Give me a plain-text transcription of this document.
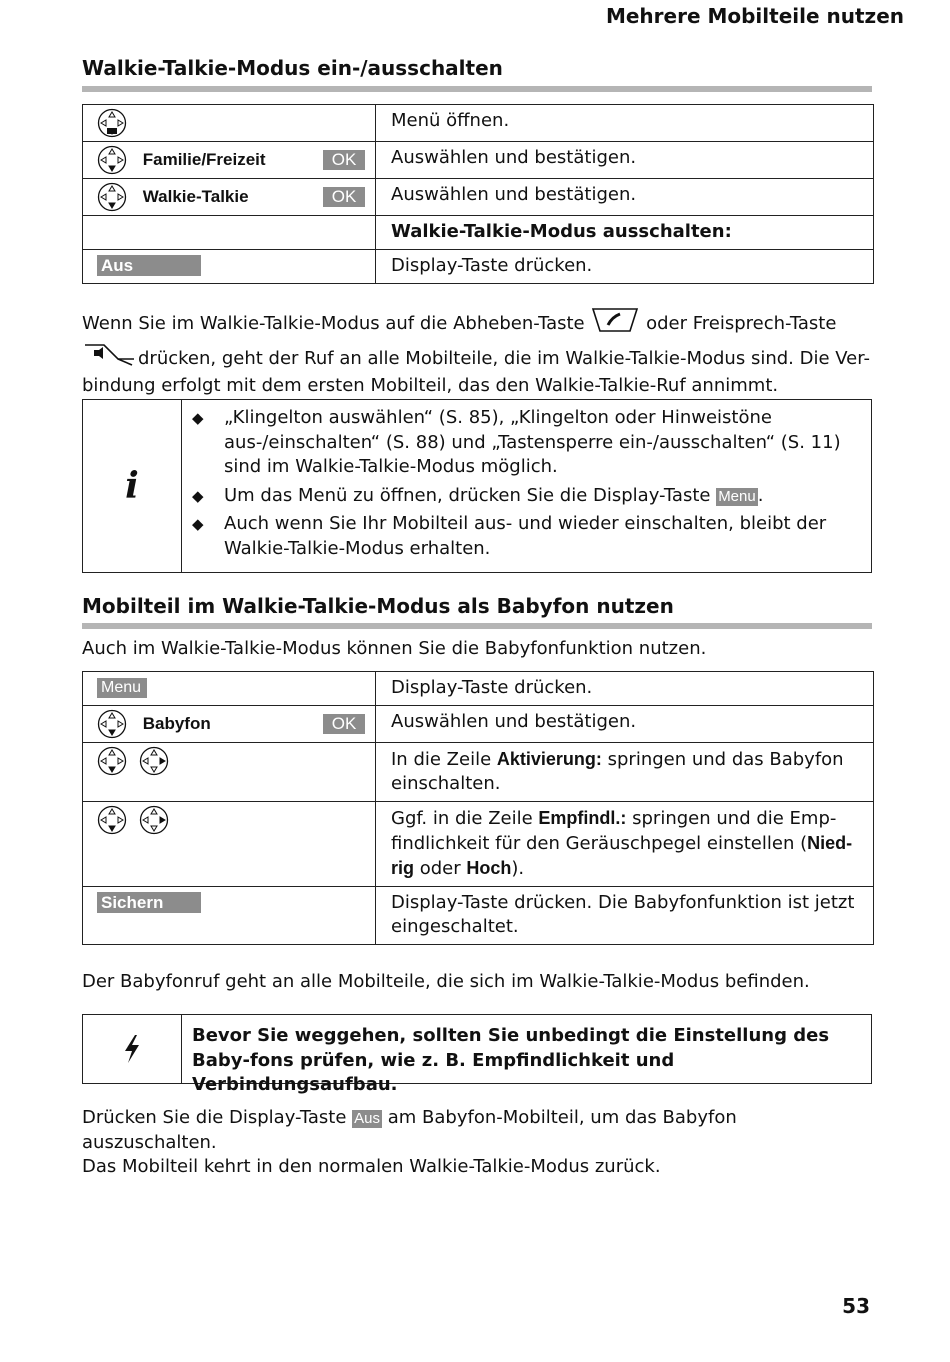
Mehrere Mobilteile nutzen
Walkie-Talkie-Modus ein-/ausschalten
	Menü öffnen.

Familie/Freizeit OK	Auswählen und bestätigen.

Walkie-Talkie OK	Auswählen und bestätigen.
	Walkie-Talkie-Modus ausschalten:
Aus	Display-Taste drücken.
Wenn Sie im Walkie-Talkie-Modus auf die Abheben-Taste	oder Freisprech-Taste
drücken, geht der Ruf an alle Mobilteile, die im Walkie-Talkie-Modus sind. Die Ver-
bindung erfolgt mit dem ersten Mobilteil, das den Walkie-Talkie-Ruf annimmt.
i
◆ „Klingelton auswählen“ (S. 85), „Klingelton oder Hinweistöne aus-/einschalten“ (S. 88) und „Tastensperre ein-/ausschalten“ (S. 11) sind im Walkie-Talkie-Modus möglich.
◆ Um das Menü zu öffnen, drücken Sie die Display-Taste Menu .
◆ Auch wenn Sie Ihr Mobilteil aus- und wieder einschalten, bleibt der Walkie-Talkie-Modus erhalten.
Mobilteil im Walkie-Talkie-Modus als Babyfon nutzen
Auch im Walkie-Talkie-Modus können Sie die Babyfonfunktion nutzen.
Menu	Display-Taste drücken.

Babyfon OK	Auswählen und bestätigen.

	In die Zeile Aktivierung: springen und das Babyfon einschalten.

	Ggf. in die Zeile Empfindl.: springen und die Emp-findlichkeit für den Geräuschpegel einstellen (Nied-rig oder Hoch).
Sichern	Display-Taste drücken. Die Babyfonfunktion ist jetzt eingeschaltet.
Der Babyfonruf geht an alle Mobilteile, die sich im Walkie-Talkie-Modus befinden.
Bevor Sie weggehen, sollten Sie unbedingt die Einstellung des Baby-fons prüfen, wie z. B. Empfindlichkeit und Verbindungsaufbau.
Drücken Sie die Display-Taste Aus am Babyfon-Mobilteil, um das Babyfon auszuschalten.
Das Mobilteil kehrt in den normalen Walkie-Talkie-Modus zurück.
53
